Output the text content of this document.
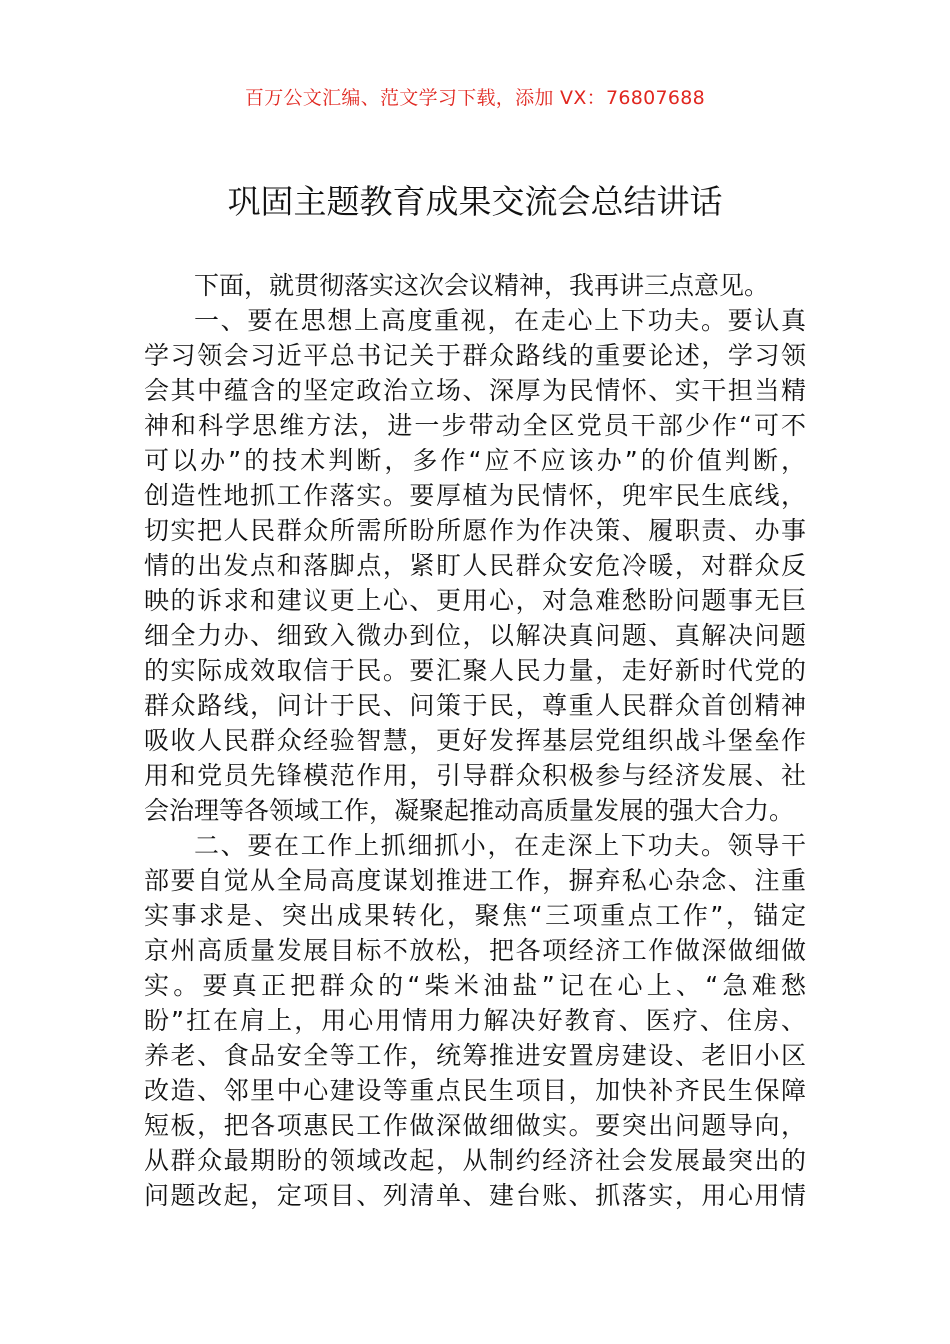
百万公文汇编、范文学习下载，添加 VX：76807688
巩固主题教育成果交流会总结讲话
下面，就贯彻落实这次会议精神，我再讲三点意见。
一、要在思想上高度重视，在走心上下功夫。要认真
学习领会习近平总书记关于群众路线的重要论述，学习领
会其中蕴含的坚定政治立场、深厚为民情怀、实干担当精
神和科学思维方法，进一步带动全区党员干部少作“可不
可以办”的技术判断，多作“应不应该办”的价值判断，
创造性地抓工作落实。要厚植为民情怀，兜牢民生底线，
切实把人民群众所需所盼所愿作为作决策、履职责、办事
情的出发点和落脚点，紧盯人民群众安危冷暖，对群众反
映的诉求和建议更上心、更用心，对急难愁盼问题事无巨
细全力办、细致入微办到位，以解决真问题、真解决问题
的实际成效取信于民。要汇聚人民力量，走好新时代党的
群众路线，问计于民、问策于民，尊重人民群众首创精神
吸收人民群众经验智慧，更好发挥基层党组织战斗堡垒作
用和党员先锋模范作用，引导群众积极参与经济发展、社
会治理等各领域工作，凝聚起推动高质量发展的强大合力。
二、要在工作上抓细抓小，在走深上下功夫。领导干
部要自觉从全局高度谋划推进工作，摒弃私心杂念、注重
实事求是、突出成果转化，聚焦“三项重点工作”，锚定
京州高质量发展目标不放松，把各项经济工作做深做细做
实。要真正把群众的“柴米油盐”记在心上、“急难愁
盼”扛在肩上，用心用情用力解决好教育、医疗、住房、
养老、食品安全等工作，统筹推进安置房建设、老旧小区
改造、邻里中心建设等重点民生项目，加快补齐民生保障
短板，把各项惠民工作做深做细做实。要突出问题导向，
从群众最期盼的领域改起，从制约经济社会发展最突出的
问题改起，定项目、列清单、建台账、抓落实，用心用情
